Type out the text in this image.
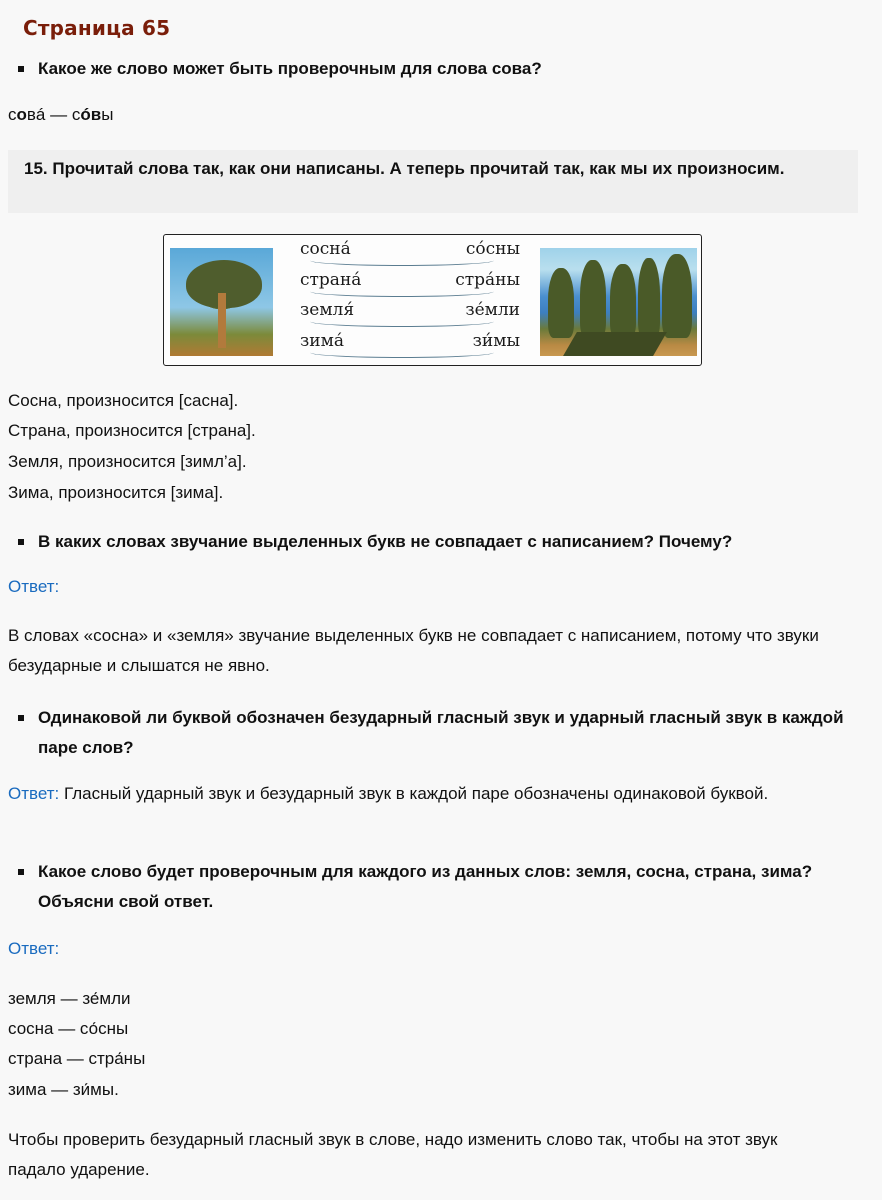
Страница 65
Какое же слово может быть проверочным для слова сова?
совá — сóвы
15. Прочитай слова так, как они написаны. А теперь прочитай так, как мы их произносим.
сосна́	со́сны
страна́	стра́ны
земля́	зе́мли
зима́	зи́мы
Сосна, произносится [сасна].
Страна, произносится [страна].
Земля, произносится [зимл’а].
Зима, произносится [зима].
В каких словах звучание выделенных букв не совпадает с написанием? Почему?
Ответ:
В словах «сосна» и «земля» звучание выделенных букв не совпадает с написанием, потому что звуки безударные и слышатся не явно.
Одинаковой ли буквой обозначен безударный гласный звук и ударный гласный звук в каждой паре слов?
Ответ: Гласный ударный звук и безударный звук в каждой паре обозначены одинаковой буквой.
Какое слово будет проверочным для каждого из данных слов: земля, сосна, страна, зима? Объясни свой ответ.
Ответ:
земля — зе́мли
сосна — со́сны
страна — стра́ны
зима — зи́мы.
Чтобы проверить безударный гласный звук в слове, надо изменить слово так, чтобы на этот звук падало ударение.
